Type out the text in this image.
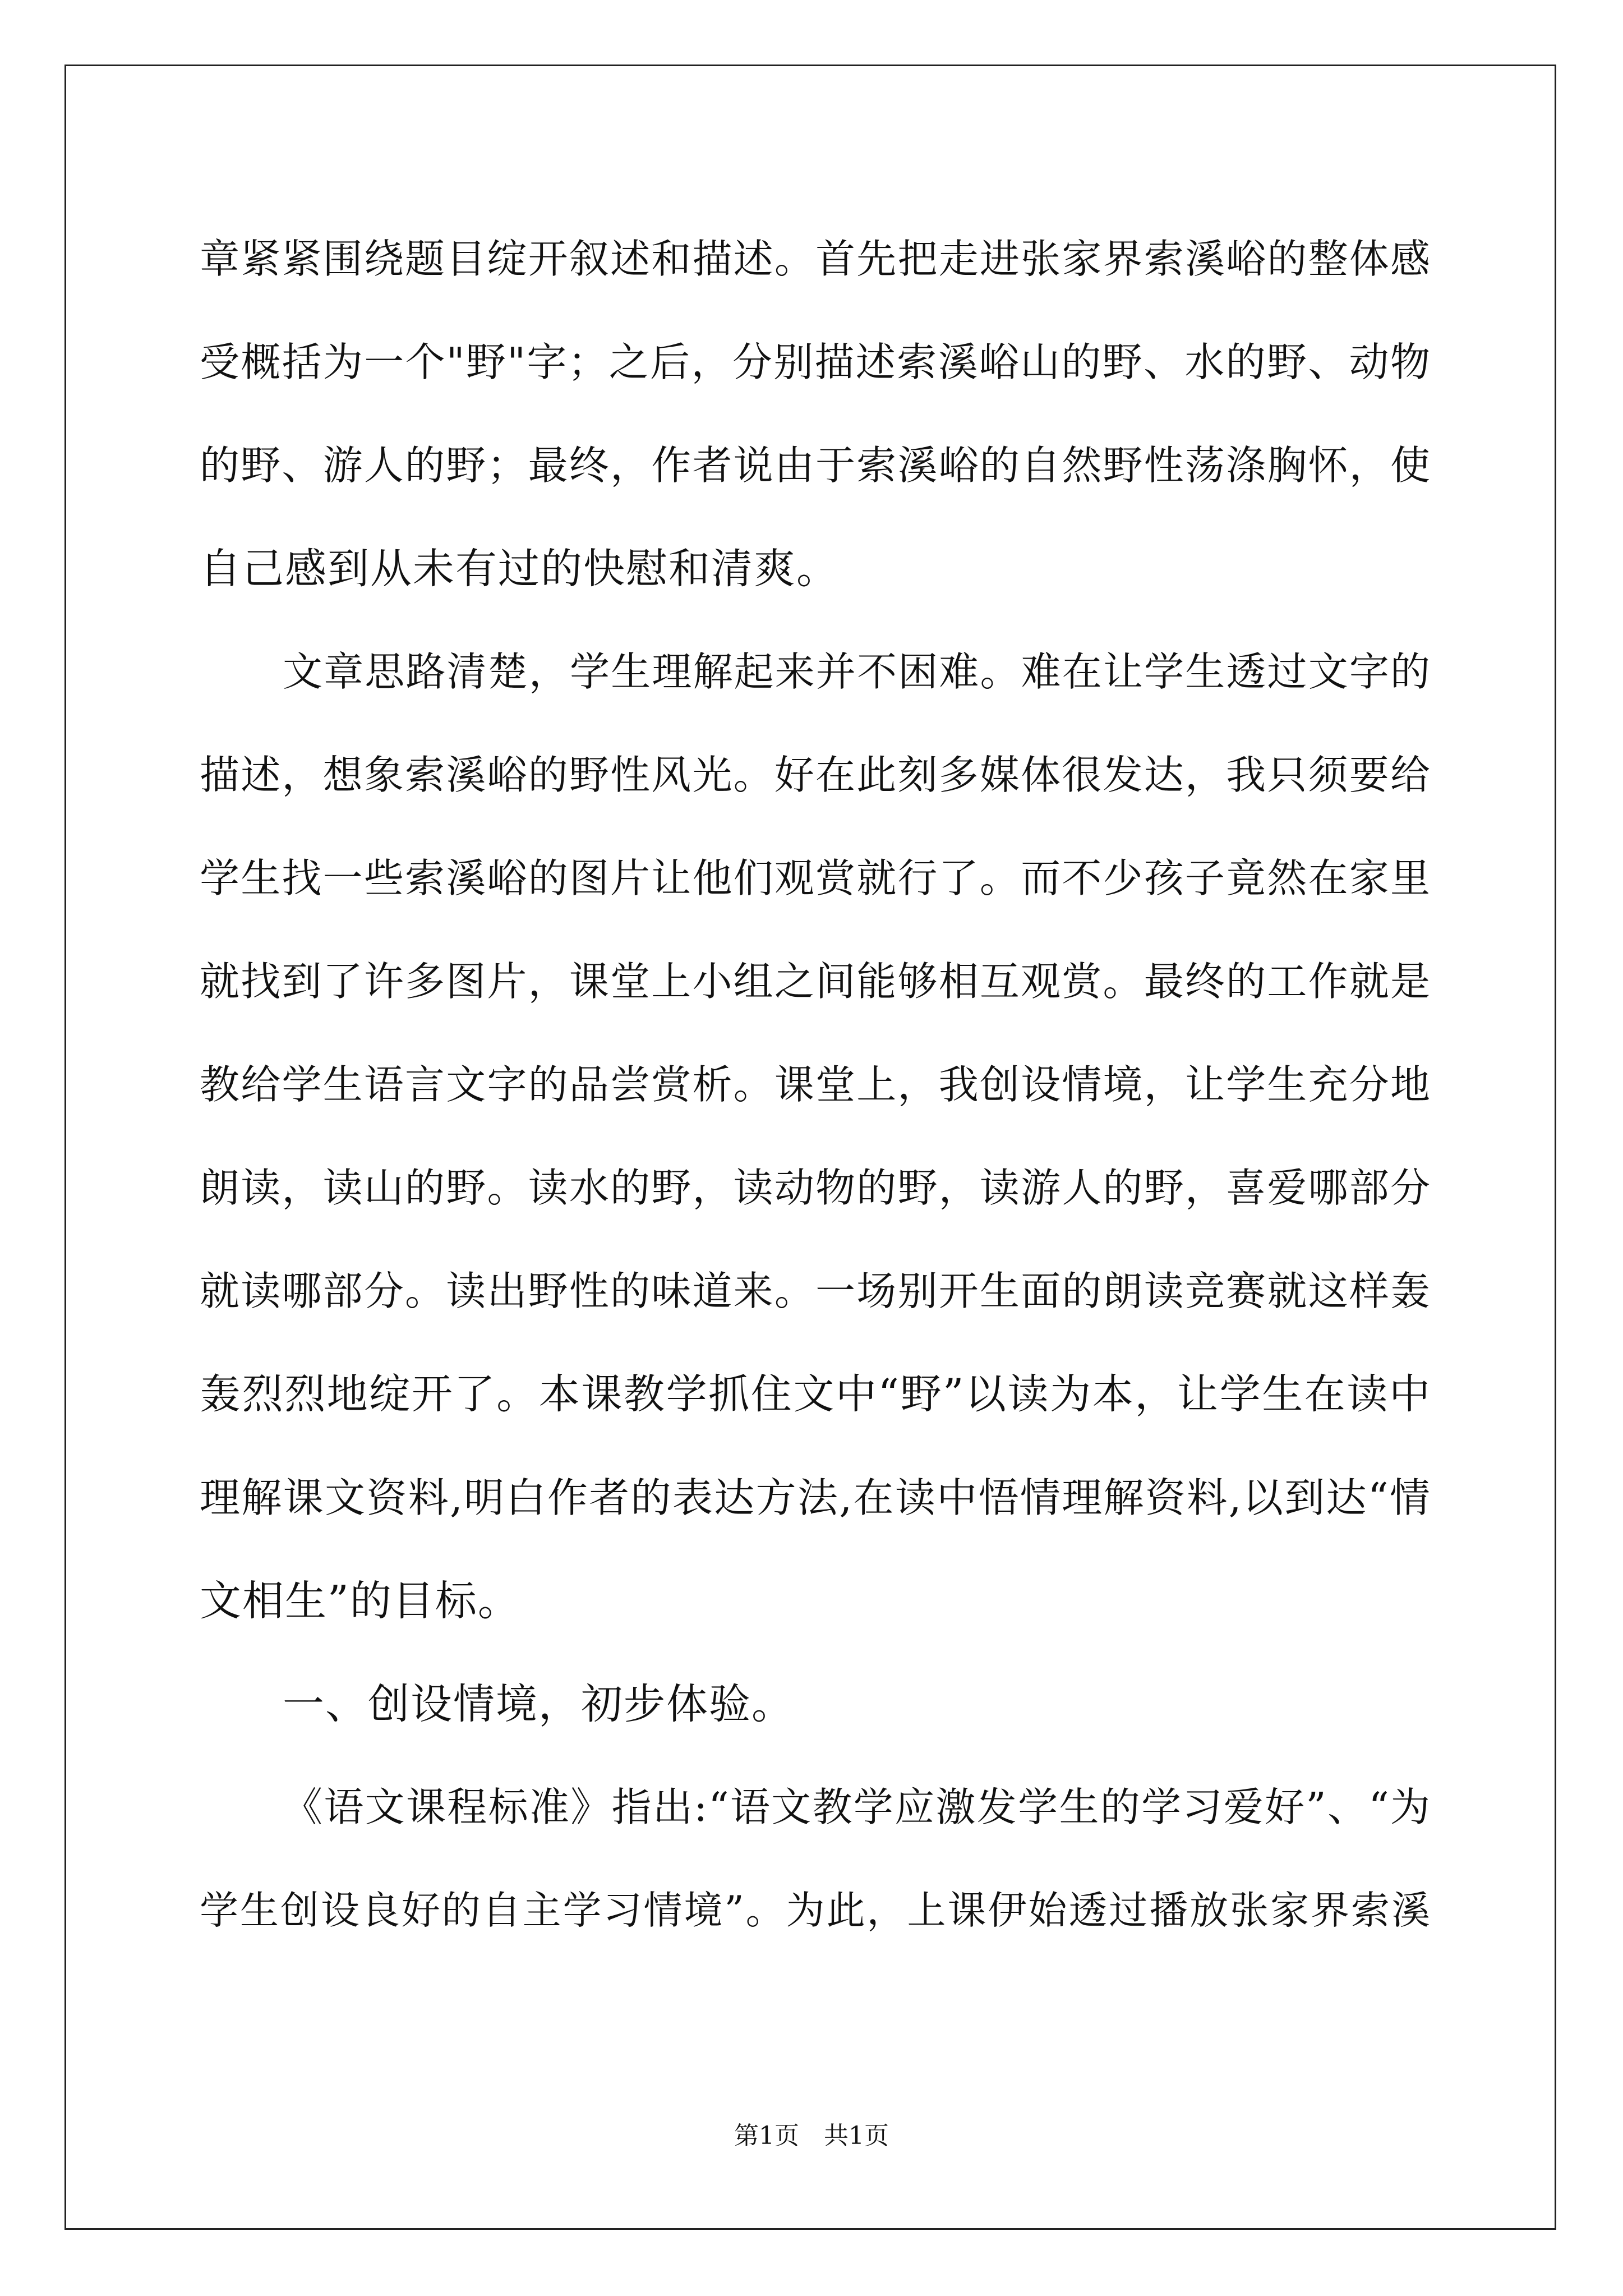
章紧紧围绕题目绽开叙述和描述。首先把走进张家界索溪峪的整体感
受概括为一个"野"字；之后，分别描述索溪峪山的野、水的野、动物
的野、游人的野；最终，作者说由于索溪峪的自然野性荡涤胸怀，使
自己感到从未有过的快慰和清爽。
文章思路清楚，学生理解起来并不困难。难在让学生透过文字的
描述，想象索溪峪的野性风光。好在此刻多媒体很发达，我只须要给
学生找一些索溪峪的图片让他们观赏就行了。而不少孩子竟然在家里
就找到了许多图片，课堂上小组之间能够相互观赏。最终的工作就是
教给学生语言文字的品尝赏析。课堂上，我创设情境，让学生充分地
朗读，读山的野。读水的野，读动物的野，读游人的野，喜爱哪部分
就读哪部分。读出野性的味道来。一场别开生面的朗读竞赛就这样轰
轰烈烈地绽开了。本课教学抓住文中“野”以读为本，让学生在读中
理解课文资料,明白作者的表达方法,在读中悟情理解资料,以到达“情
文相生”的目标。
一、创设情境，初步体验。
《语文课程标准》指出:“语文教学应激发学生的学习爱好”、“为
学生创设良好的自主学习情境”。为此，上课伊始透过播放张家界索溪
第1页　共1页
